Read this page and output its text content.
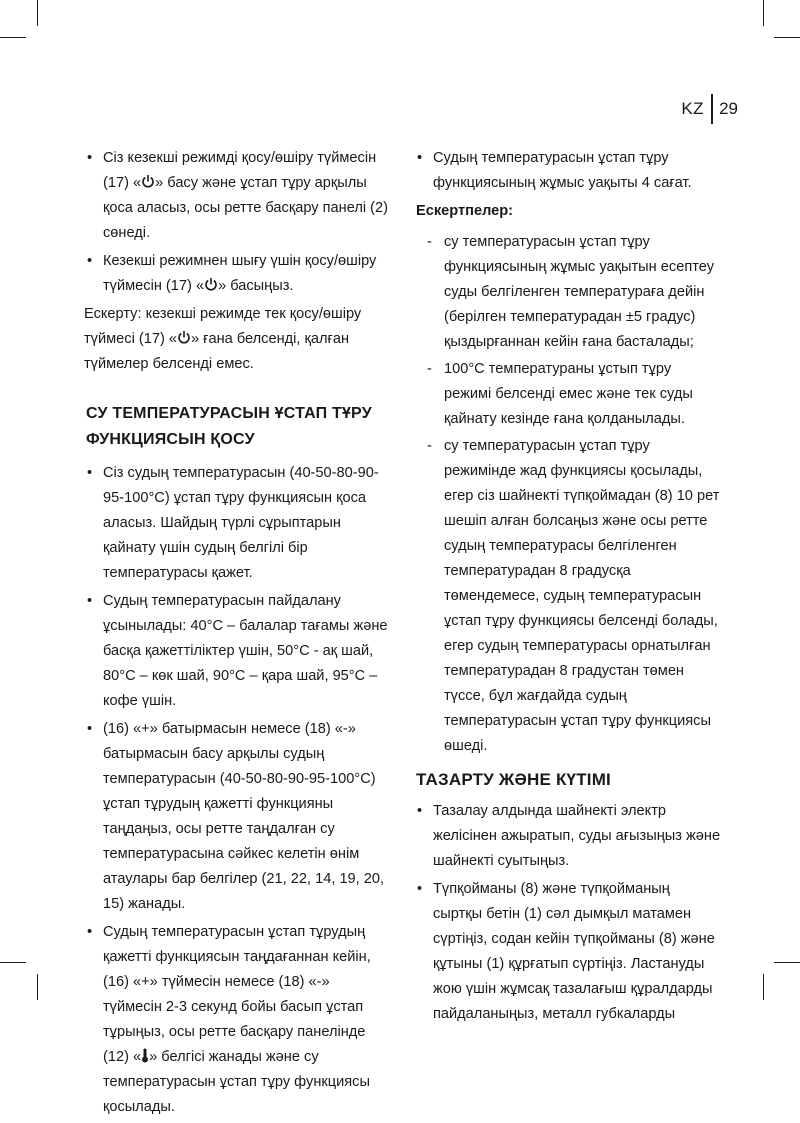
KZ 29
• Сіз кезекші режимді қосу/өшіру түймесін (17) « » басу және ұстап тұру арқылы қоса аласыз, осы ретте басқару панелі (2) сөнеді.
• Кезекші режимнен шығу үшін қосу/өшіру түймесін (17) « » басыңыз.

Ескерту: кезекші режимде тек қосу/өшіру түймесі (17) « » ғана белсенді, қалған түймелер белсенді емес.

СУ ТЕМПЕРАТУРАСЫН ҰСТАП ТҰРУ ФУНКЦИЯСЫН ҚОСУ
• Сіз судың температурасын (40-50-80-90-95-100°С) ұстап тұру функциясын қоса аласыз. Шайдың түрлі сұрыптарын қайнату үшін судың белгілі бір температурасы қажет.
• Судың температурасын пайдалану ұсынылады: 40°С – балалар тағамы және басқа қажеттіліктер үшін, 50°С - ақ шай, 80°С – көк шай, 90°С – қара шай, 95°С – кофе үшін.
• (16) «+» батырмасын немесе (18) «-» батырмасын басу арқылы судың температурасын (40-50-80-90-95-100°С) ұстап тұрудың қажетті функцияны таңдаңыз, осы ретте таңдалған су температурасына сәйкес келетін өнім атаулары бар белгілер (21, 22, 14, 19, 20, 15) жанады.
• Судың температурасын ұстап тұрудың қажетті функциясын таңдағаннан кейін, (16) «+» түймесін немесе (18) «-» түймесін 2-3 секунд бойы басып ұстап тұрыңыз, осы ретте басқару панелінде (12) « » белгісі жанады және су температурасын ұстап тұру функциясы қосылады.
• Судың температурасын ұстап тұру функциясының жұмыс уақыты 4 сағат.
Ескертпелер:
- су температурасын ұстап тұру функциясының жұмыс уақытын есептеу суды белгіленген температураға дейін (берілген температурадан ±5 градус) қыздырғаннан кейін ғана басталады;
- 100°С температураны ұстып тұру режимі белсенді емес және тек суды қайнату кезінде ғана қолданылады.
- су температурасын ұстап тұру режимінде жад функциясы қосылады, егер сіз шайнекті түпқоймадан (8) 10 рет шешіп алған болсаңыз және осы ретте судың температурасы белгіленген температурадан 8 градусқа төмендемесе, судың температурасын ұстап тұру функциясы белсенді болады, егер судың температурасы орнатылған температурадан 8 градустан төмен түссе, бұл жағдайда судың температурасын ұстап тұру функциясы өшеді.
ТАЗАРТУ ЖӘНЕ КҮТІМІ
• Тазалау алдында шайнекті электр желісінен ажыратып, суды ағызыңыз және шайнекті суытыңыз.
• Түпқойманы (8) және түпқойманың сыртқы бетін (1) сәл дымқыл матамен сүртіңіз, содан кейін түпқойманы (8) және құтыны (1) құрғатып сүртіңіз. Ластануды жою үшін жұмсақ тазалағыш құралдарды пайдаланыңыз, металл губкаларды
